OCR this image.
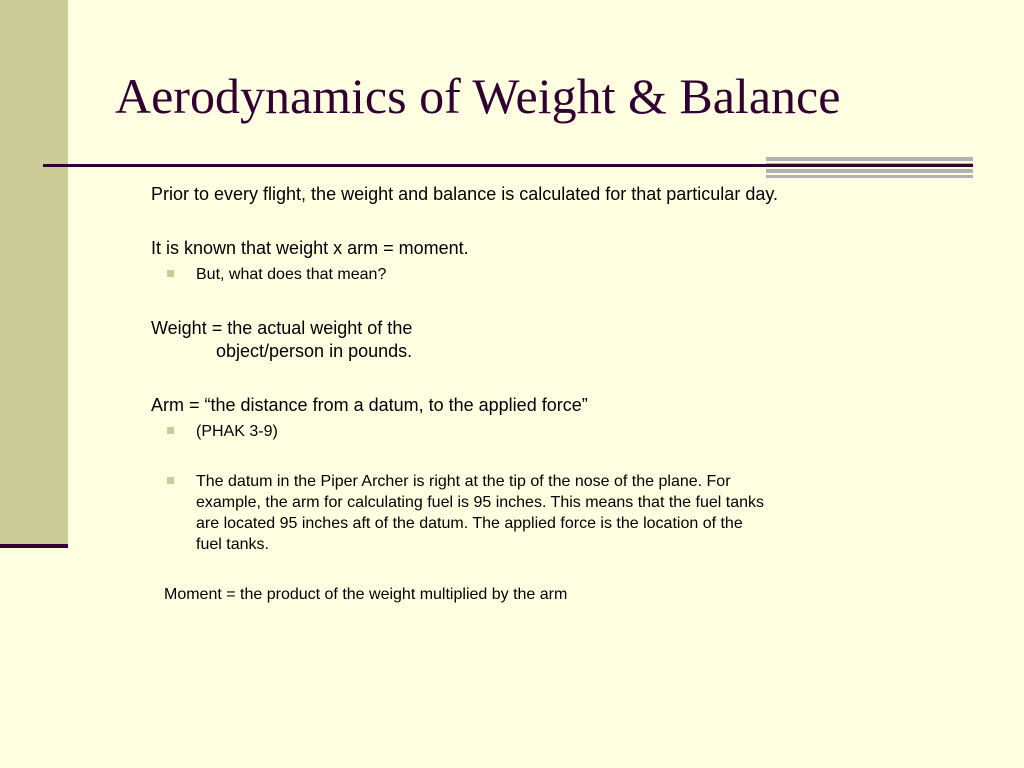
Aerodynamics of Weight & Balance

Prior to every flight, the weight and balance is calculated for that particular day.

It is known that weight x arm = moment.

But, what does that mean?

Weight = the actual weight of the

object/person in pounds.

Arm = “the distance from a datum, to the applied force”

(PHAK 3-9)

The datum in the Piper Archer is right at the tip of the nose of the plane. For

example, the arm for calculating fuel is 95 inches. This means that the fuel tanks

are located 95 inches aft of the datum. The applied force is the location of the

fuel tanks.

Moment = the product of the weight multiplied by the arm
